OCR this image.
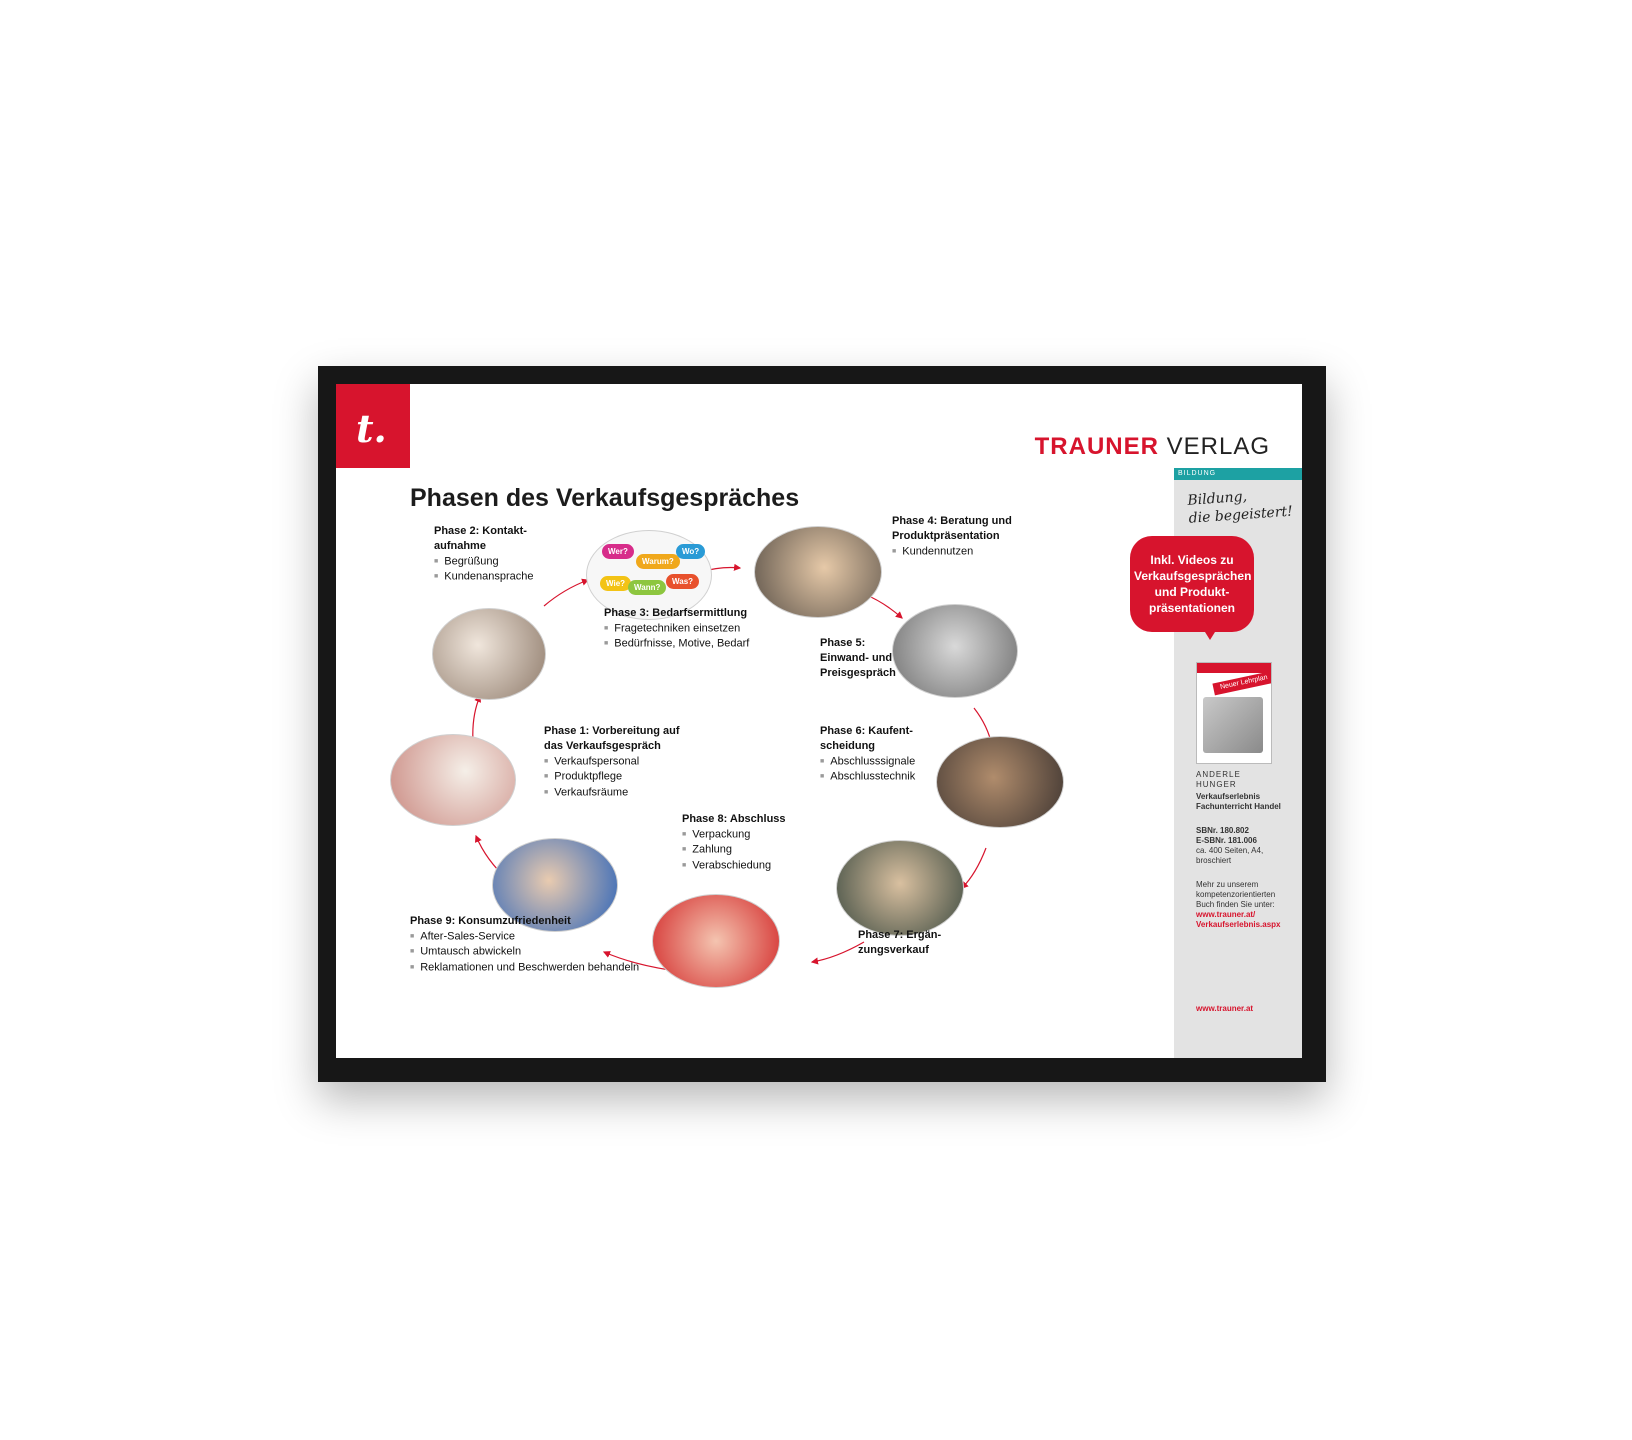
t.	TRAUNER VERLAG
Phasen des Verkaufsgespräches
BILDUNG
Bildung,
die begeistert!
Inkl. Videos zu
Verkaufsgesprächen
und Produkt-
präsentationen
Neuer Lehrplan
ANDERLE
HUNGER
Verkaufserlebnis
Fachunterricht Handel
SBNr. 180.802
E-SBNr. 181.006
ca. 400 Seiten, A4,
broschiert
Mehr zu unserem
kompetenzorientierten
Buch finden Sie unter:
www.trauner.at/
Verkaufserlebnis.aspx
www.trauner.at
Wer?
Warum?
Wo?
Wie?	Wann?
Was?
Phase 2: Kontakt-
aufnahme
■ Begrüßung
■ Kundenansprache
Phase 3: Bedarfsermittlung
■ Fragetechniken einsetzen
■ Bedürfnisse, Motive, Bedarf
Phase 4: Beratung und
Produktpräsentation
■ Kundennutzen
Phase 5:
Einwand- und
Preisgespräch
Phase 1: Vorbereitung auf
das Verkaufsgespräch
■ Verkaufspersonal
■ Produktpflege
■ Verkaufsräume
Phase 6: Kaufent-
scheidung
■ Abschlusssignale
■ Abschlusstechnik
Phase 8: Abschluss
■ Verpackung
■ Zahlung
■ Verabschiedung
Phase 9: Konsumzufriedenheit
■ After-Sales-Service
■ Umtausch abwickeln
■ Reklamationen und Beschwerden behandeln
Phase 7: Ergän-
zungsverkauf
